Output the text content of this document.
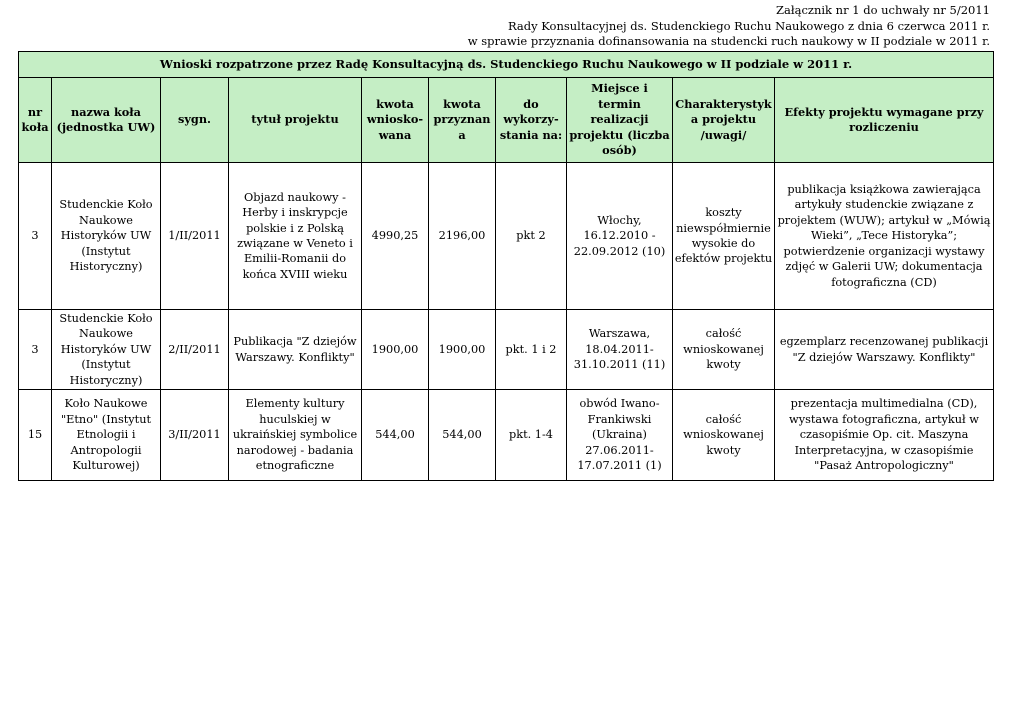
Załącznik nr 1 do uchwały nr 5/2011
Rady Konsultacyjnej ds. Studenckiego Ruchu Naukowego z dnia 6 czerwca 2011 r.
w sprawie przyznania dofinansowania na studencki ruch naukowy w II podziale w 2011 r.
Wnioski rozpatrzone przez Radę Konsultacyjną ds. Studenckiego Ruchu Naukowego w II podziale w 2011 r.									
nr koła	nazwa koła (jednostka UW)	sygn.	tytuł projektu	kwota wniosko-wana	kwota przyznana	do wykorzy-stania na:	Miejsce i termin realizacji projektu (liczba osób)	Charakterystyka projektu /uwagi/	Efekty projektu wymagane przy rozliczeniu
3	Studenckie Koło Naukowe Historyków UW (Instytut Historyczny)	1/II/2011	Objazd naukowy - Herby i inskrypcje polskie i z Polską związane w Veneto i Emilii-Romanii do końca XVIII wieku	4990,25	2196,00	pkt 2	Włochy, 16.12.2010 - 22.09.2012 (10)	koszty niewspółmiernie wysokie do efektów projektu	publikacja książkowa zawierająca artykuły studenckie związane z projektem (WUW); artykuł w „Mówią Wieki”, „Tece Historyka”; potwierdzenie organizacji wystawy zdjęć w Galerii UW; dokumentacja fotograficzna (CD)
3	Studenckie Koło Naukowe Historyków UW (Instytut Historyczny)	2/II/2011	Publikacja "Z dziejów Warszawy. Konflikty"	1900,00	1900,00	pkt. 1 i 2	Warszawa, 18.04.2011- 31.10.2011 (11)	całość wnioskowanej kwoty	egzemplarz recenzowanej publikacji "Z dziejów Warszawy. Konflikty"
15	Koło Naukowe "Etno" (Instytut Etnologii i Antropologii Kulturowej)	3/II/2011	Elementy kultury huculskiej w ukraińskiej symbolice narodowej - badania etnograficzne	544,00	544,00	pkt. 1-4	obwód Iwano-Frankiwski (Ukraina) 27.06.2011- 17.07.2011 (1)	całość wnioskowanej kwoty	prezentacja multimedialna (CD), wystawa fotograficzna, artykuł w czasopiśmie Op. cit. Maszyna Interpretacyjna, w czasopiśmie "Pasaż Antropologiczny"
